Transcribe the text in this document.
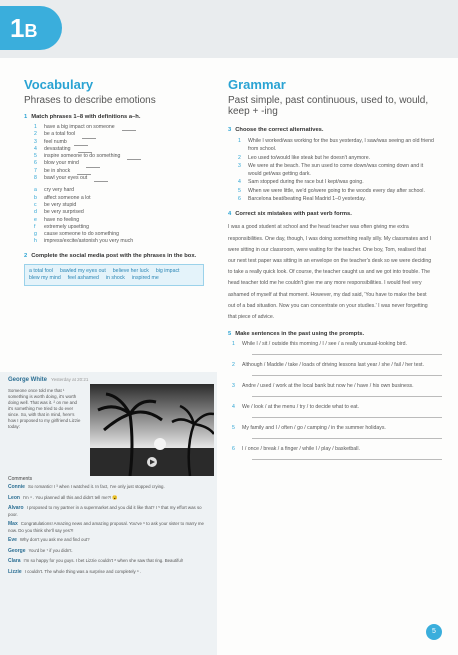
1B
Vocabulary
Phrases to describe emotions
1 Match phrases 1–8 with definitions a–h.
1	have a big impact on someone
2	be a total fool
3	feel numb
4	devastating
5	inspire someone to do something
6	blow your mind
7	be in shock
8	bawl your eyes out
a	cry very hard
b	affect someone a lot
c	be very stupid
d	be very surprised
e	have no feeling
f	extremely upsetting
g	cause someone to do something
h	impress/excite/astonish you very much
2 Complete the social media post with the phrases in the box.
a total fool bawled my eyes out believe her luck big impact
blew my mind feel ashamed in shock inspired me
George White Yesterday at 20:21
Someone once told me that ¹ something is worth doing, it's worth doing well. That was it. ² on me and it's something I've tried to do ever since. So, with that in mind, here's how I proposed to my girlfriend Lizzie today:
Comments
Connie So romantic! I ³ when I watched it. In fact, I've only just stopped crying.
Leon I'm ⁴ . You planned all this and didn't tell me?! 😮
Alvaro I proposed to my partner in a supermarket and you did it like that? I ⁵ that my effort was so poor.
Max Congratulations! Amazing news and amazing proposal. You've ⁶ to ask your sister to marry me now. Do you think she'll say yes?!
Eve Why don't you ask me and find out?
George You'd be ⁷ if you didn't.
Clara I'm so happy for you guys. I bet Lizzie couldn't ⁸ when she saw that ring. Beautiful!
Lizzie I couldn't. The whole thing was a surprise and completely ⁹ .
Grammar
Past simple, past continuous, used to, would, keep + -ing
3 Choose the correct alternatives.
1	While I worked/was working for the bus yesterday, I saw/was seeing an old friend from school.
2	Leo used to/would like steak but he doesn't anymore.
3	We were at the beach. The sun used to come down/was coming down and it would get/was getting dark.
4	Sam stopped during the race but I kept/was going.
5	When we were little, we'd go/were going to the woods every day after school.
6	Barcelona beat/beating Real Madrid 1–0 yesterday.
4 Correct six mistakes with past verb forms.
I was a good student at school and the head teacher was often giving me extra responsibilities. One day, though, I was doing something really silly. My classmates and I were sitting in our classroom, were waiting for the teacher. One boy, Tom, realised that our next test paper was sitting in an envelope on the teacher's desk so we were deciding to take a really quick look. Of course, the teacher caught us and we got into trouble. The head teacher told me he couldn't give me any more responsibilities. I would feel very ashamed of myself at that moment. However, my dad said, 'You have to make the best out of a bad situation. Now you can concentrate on your studies.' I was never forgetting that piece of advice.
5 Make sentences in the past using the prompts.
1	While I / sit / outside this morning / I / see / a really unusual-looking bird.
2	Although / Maddie / take / loads of driving lessons last year / she / fail / her test.
3	Andre / used / work at the local bank but now he / have / his own business.
4	We / look / at the menu / try / to decide what to eat.
5	My family and I / often / go / camping / in the summer holidays.
6	I / once / break / a finger / while I / play / basketball.
5
